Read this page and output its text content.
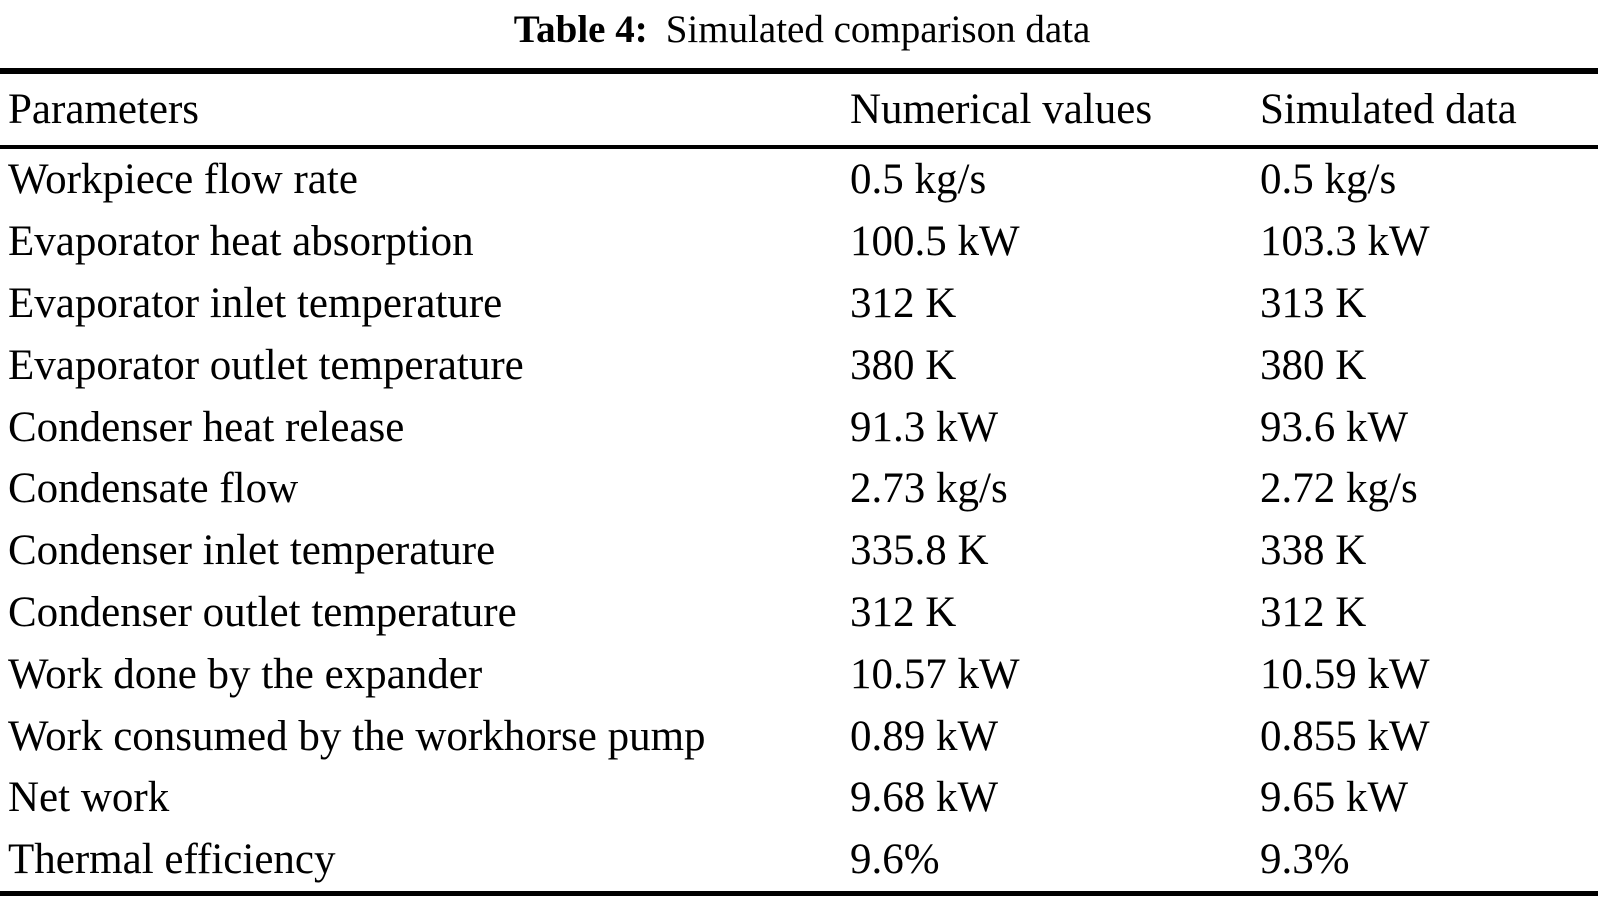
Table 4: Simulated comparison data
Parameters	Numerical values	Simulated data
Workpiece flow rate	0.5 kg/s	0.5 kg/s
Evaporator heat absorption	100.5 kW	103.3 kW
Evaporator inlet temperature	312 K	313 K
Evaporator outlet temperature	380 K	380 K
Condenser heat release	91.3 kW	93.6 kW
Condensate flow	2.73 kg/s	2.72 kg/s
Condenser inlet temperature	335.8 K	338 K
Condenser outlet temperature	312 K	312 K
Work done by the expander	10.57 kW	10.59 kW
Work consumed by the workhorse pump	0.89 kW	0.855 kW
Net work	9.68 kW	9.65 kW
Thermal efficiency	9.6%	9.3%
